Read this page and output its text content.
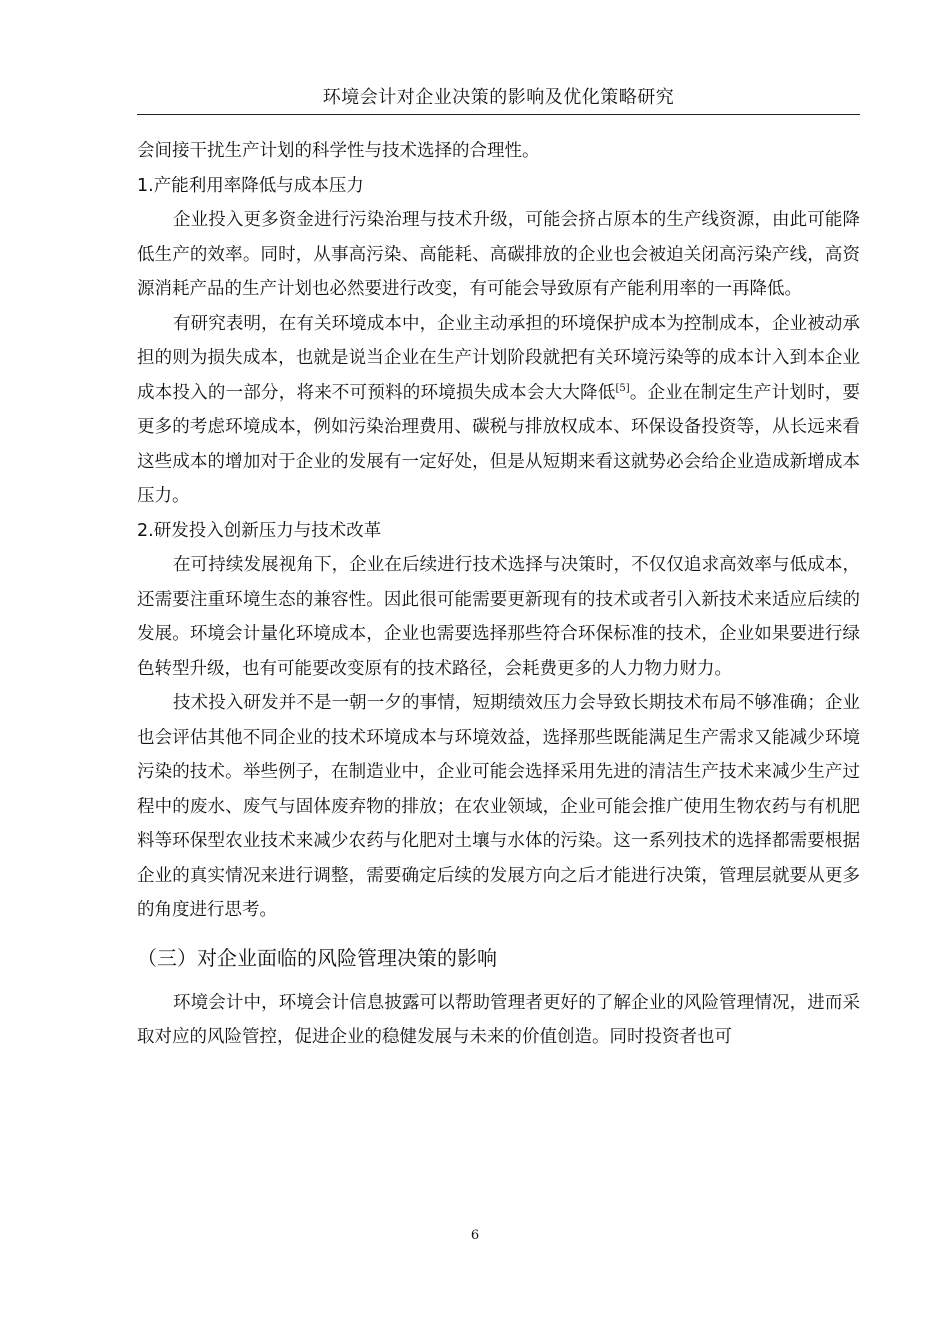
环境会计对企业决策的影响及优化策略研究

会间接干扰生产计划的科学性与技术选择的合理性。

1.产能利用率降低与成本压力

企业投入更多资金进行污染治理与技术升级，可能会挤占原本的生产线资源，由此可能降低生产的效率。同时，从事高污染、高能耗、高碳排放的企业也会被迫关闭高污染产线，高资源消耗产品的生产计划也必然要进行改变，有可能会导致原有产能利用率的一再降低。

有研究表明，在有关环境成本中，企业主动承担的环境保护成本为控制成本，企业被动承担的则为损失成本，也就是说当企业在生产计划阶段就把有关环境污染等的成本计入到本企业成本投入的一部分，将来不可预料的环境损失成本会大大降低[5]。企业在制定生产计划时，要更多的考虑环境成本，例如污染治理费用、碳税与排放权成本、环保设备投资等，从长远来看这些成本的增加对于企业的发展有一定好处，但是从短期来看这就势必会给企业造成新增成本压力。

2.研发投入创新压力与技术改革

在可持续发展视角下，企业在后续进行技术选择与决策时，不仅仅追求高效率与低成本，还需要注重环境生态的兼容性。因此很可能需要更新现有的技术或者引入新技术来适应后续的发展。环境会计量化环境成本，企业也需要选择那些符合环保标准的技术，企业如果要进行绿色转型升级，也有可能要改变原有的技术路径，会耗费更多的人力物力财力。

技术投入研发并不是一朝一夕的事情，短期绩效压力会导致长期技术布局不够准确；企业也会评估其他不同企业的技术环境成本与环境效益，选择那些既能满足生产需求又能减少环境污染的技术。举些例子，在制造业中，企业可能会选择采用先进的清洁生产技术来减少生产过程中的废水、废气与固体废弃物的排放；在农业领域，企业可能会推广使用生物农药与有机肥料等环保型农业技术来减少农药与化肥对土壤与水体的污染。这一系列技术的选择都需要根据企业的真实情况来进行调整，需要确定后续的发展方向之后才能进行决策，管理层就要从更多的角度进行思考。

（三）对企业面临的风险管理决策的影响

环境会计中，环境会计信息披露可以帮助管理者更好的了解企业的风险管理情况，进而采取对应的风险管控，促进企业的稳健发展与未来的价值创造。同时投资者也可

6
